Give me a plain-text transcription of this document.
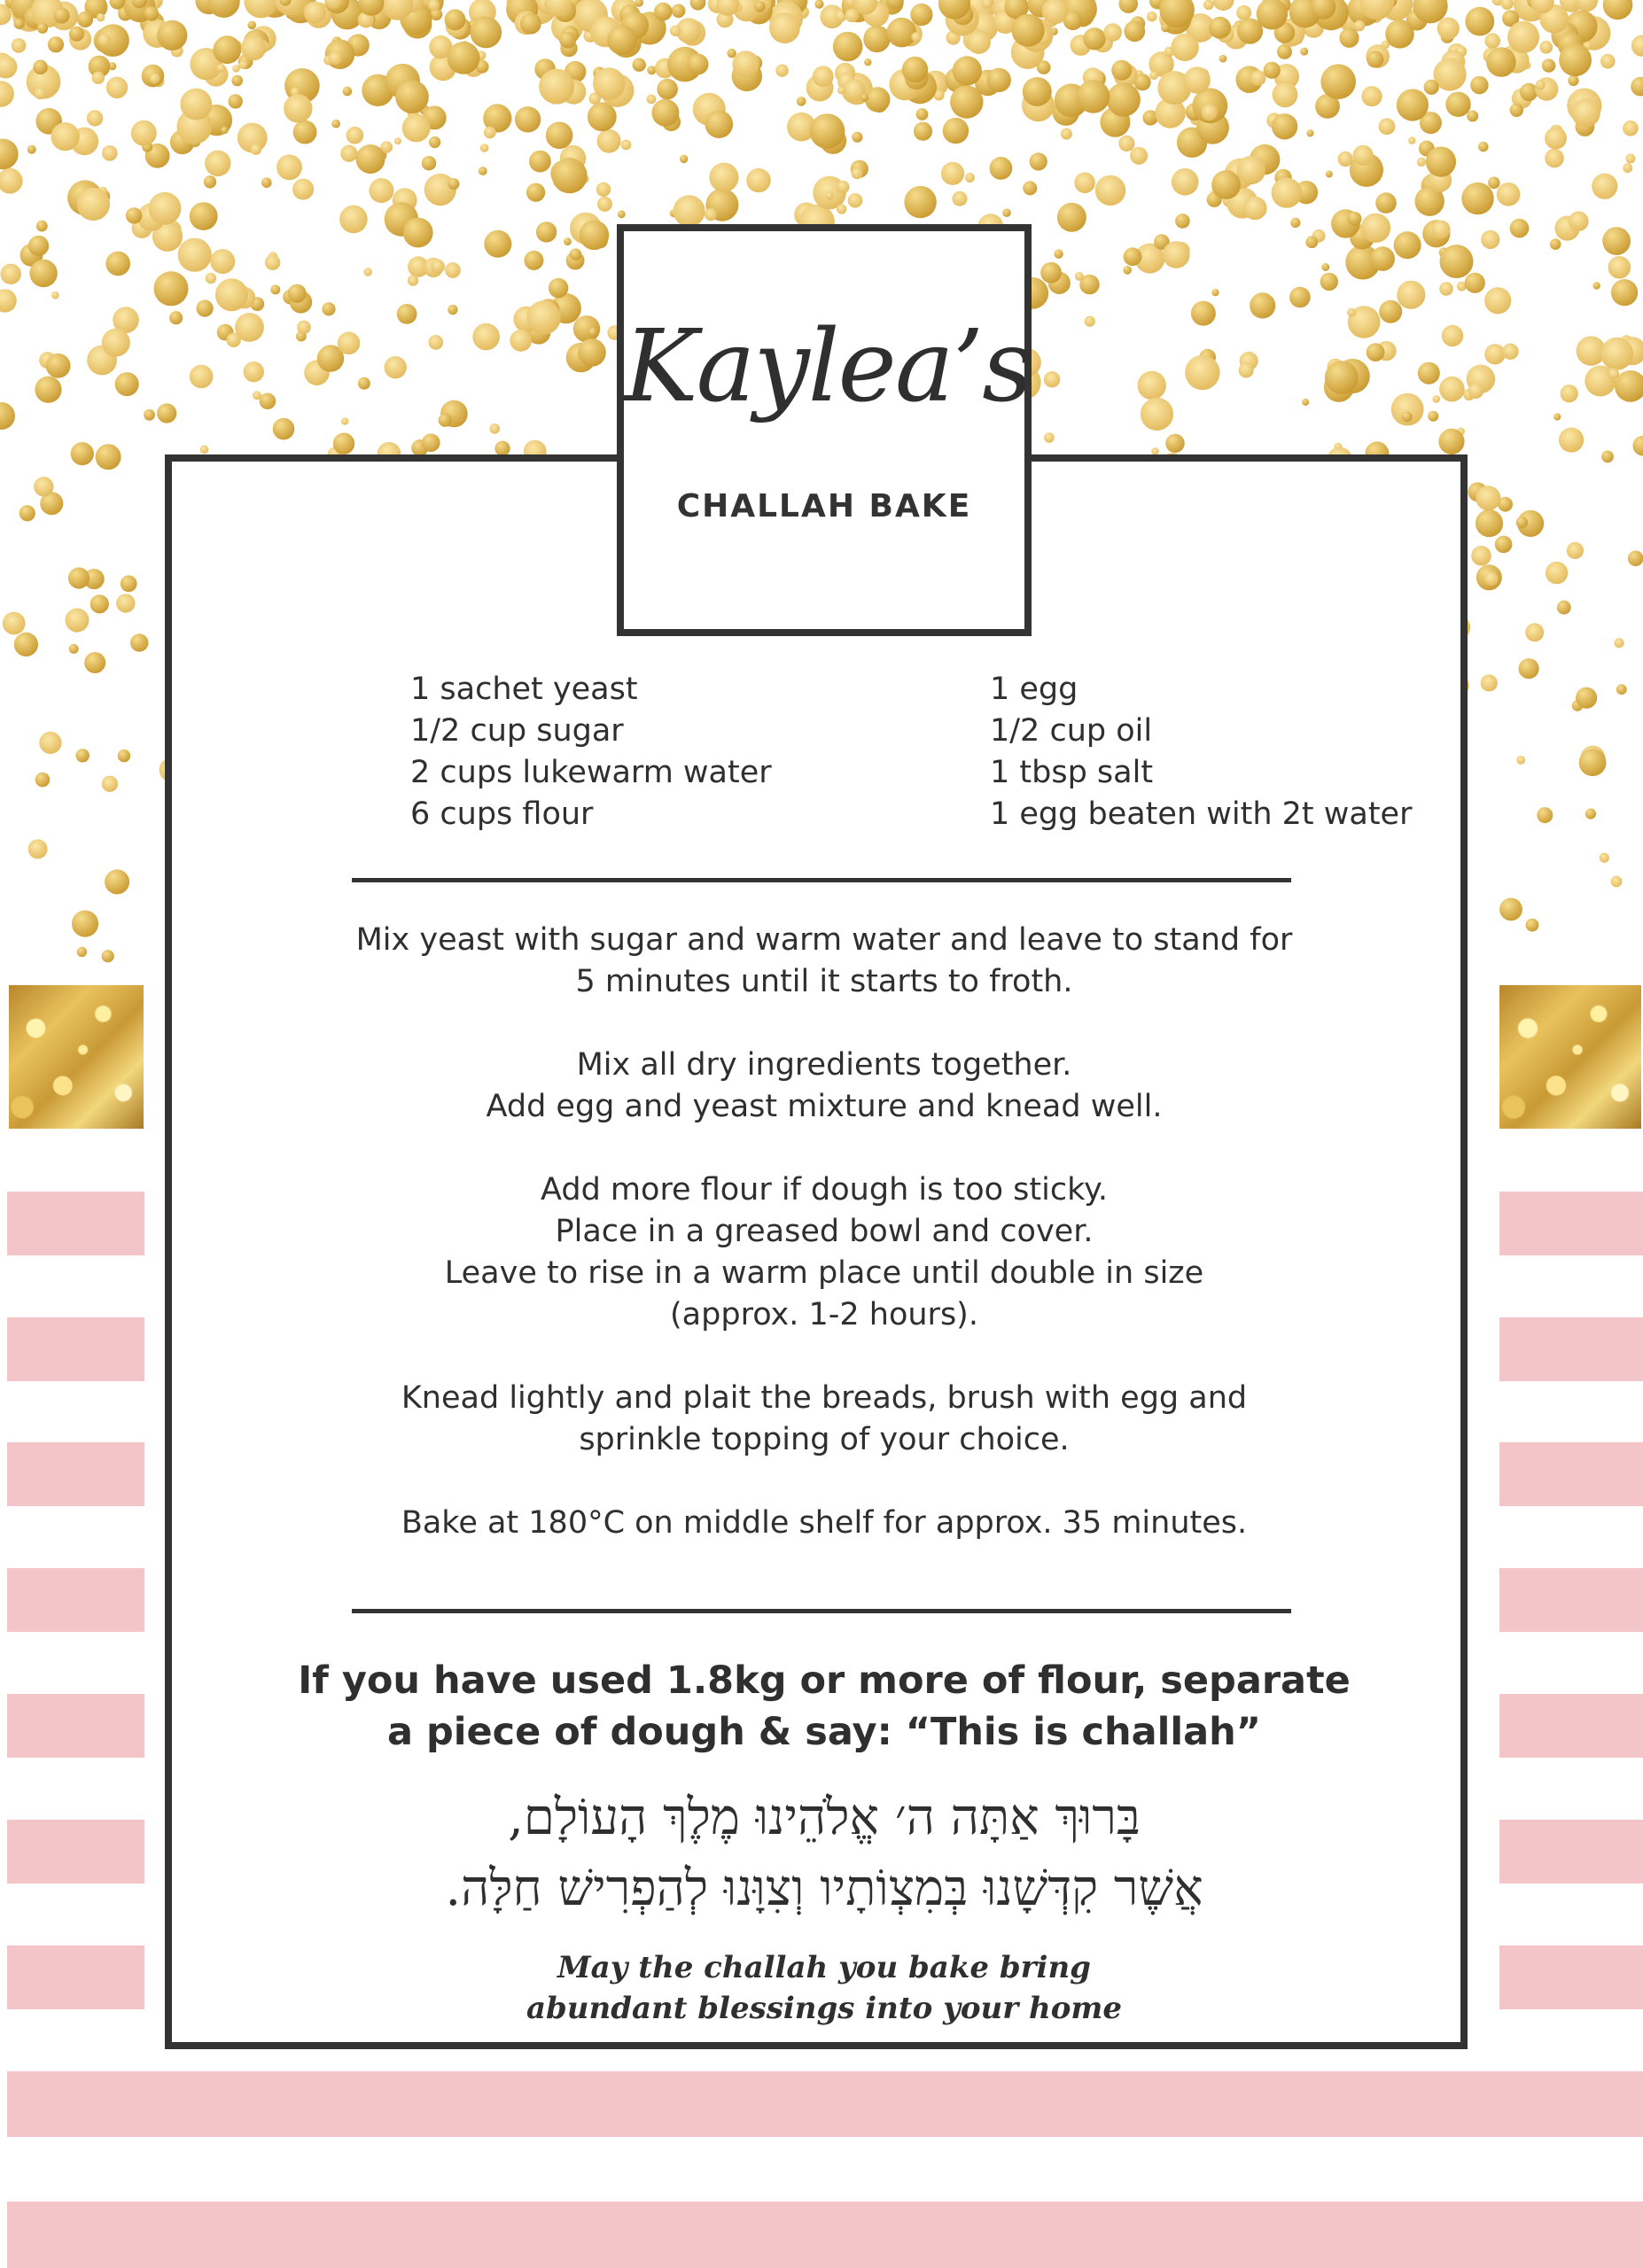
Kaylea’s
CHALLAH BAKE
1 sachet yeast
1/2 cup sugar
2 cups lukewarm water
6 cups flour
1 egg
1/2 cup oil
1 tbsp salt
1 egg beaten with 2t water

Mix yeast with sugar and warm water and leave to stand for
5 minutes until it starts to froth.

Mix all dry ingredients together.
Add egg and yeast mixture and knead well.

Add more flour if dough is too sticky.
Place in a greased bowl and cover.
Leave to rise in a warm place until double in size
(approx. 1-2 hours).

Knead lightly and plait the breads, brush with egg and
sprinkle topping of your choice.

Bake at 180°C on middle shelf for approx. 35 minutes.

If you have used 1.8kg or more of flour, separate
a piece of dough & say: “This is challah”
בָּרוּךְ אַתָּה ה׳ אֱלֹהֵינוּ מֶלֶךְ הָעוֹלָם,
אֲשֶׁר קִדְּשָׁנוּ בְּמִצְוֹתָיו וְצִוָּנוּ לְהַפְרִישׁ חַלָּה.
May the challah you bake bring
abundant blessings into your home
